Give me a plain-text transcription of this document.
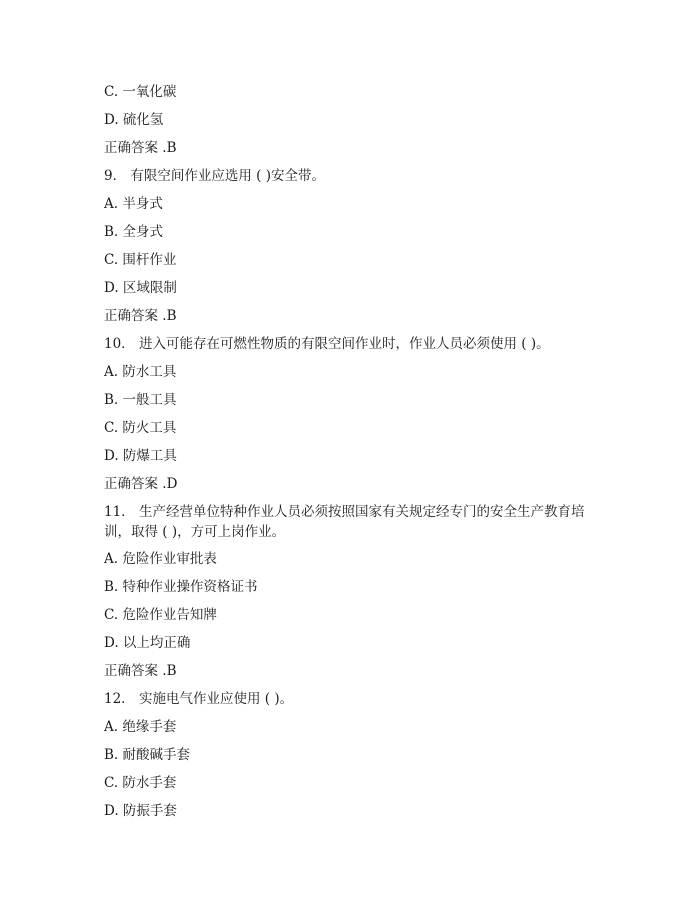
C. 一氧化碳
D. 硫化氢
正确答案 .B
9． 有限空间作业应选用 ( )安全带。
A. 半身式
B. 全身式
C. 围杆作业
D. 区域限制
正确答案 .B
10． 进入可能存在可燃性物质的有限空间作业时，作业人员必须使用 ( )。
A. 防水工具
B. 一般工具
C. 防火工具
D. 防爆工具
正确答案 .D
11． 生产经营单位特种作业人员必须按照国家有关规定经专门的安全生产教育培
训，取得 ( )，方可上岗作业。
A. 危险作业审批表
B. 特种作业操作资格证书
C. 危险作业告知牌
D. 以上均正确
正确答案 .B
12． 实施电气作业应使用 ( )。
A. 绝缘手套
B. 耐酸碱手套
C. 防水手套
D. 防振手套
